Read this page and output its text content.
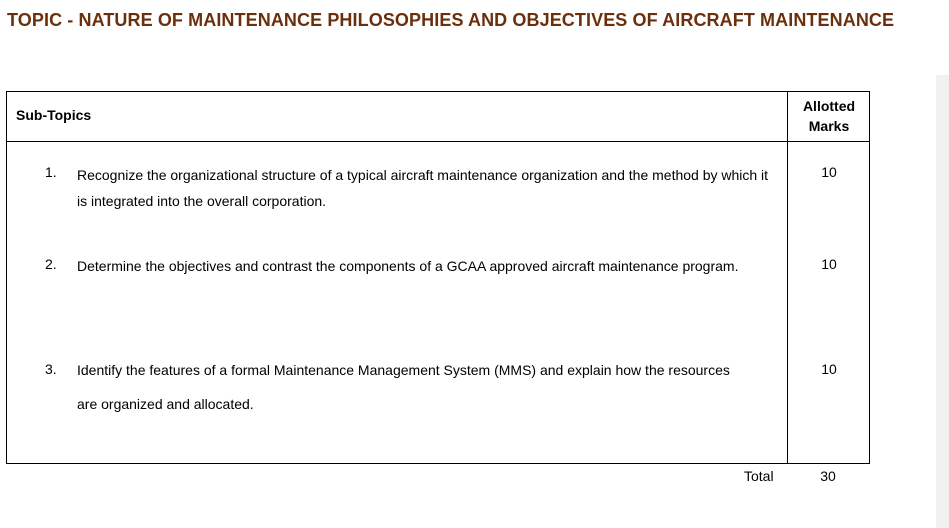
TOPIC - NATURE OF MAINTENANCE PHILOSOPHIES AND OBJECTIVES OF AIRCRAFT MAINTENANCE
Sub-Topics
Allotted
Marks
1. Recognize the organizational structure of a typical aircraft maintenance organization and the method by which it is integrated into the overall corporation.
10
2. Determine the objectives and contrast the components of a GCAA approved aircraft maintenance program.	10
3. Identify the features of a formal Maintenance Management System (MMS) and explain how the resources are organized and allocated.
10
Total	30
